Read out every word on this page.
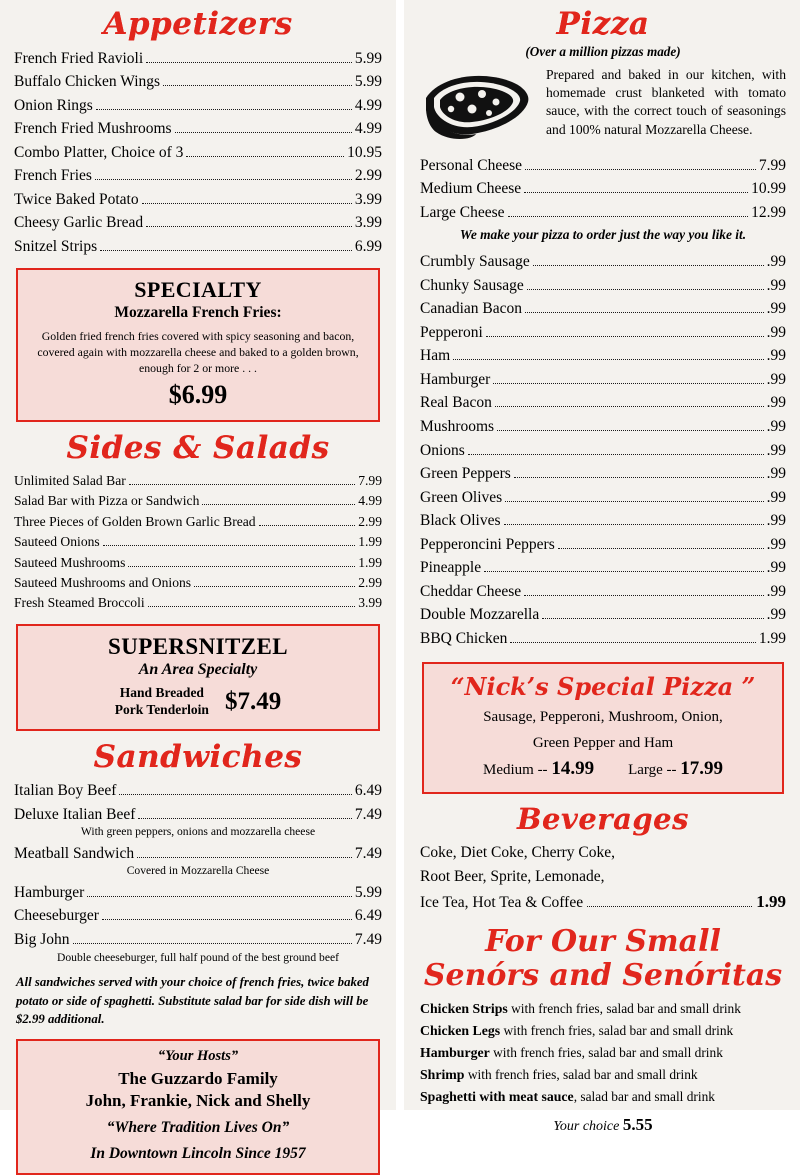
Appetizers
French Fried Ravioli	5.99
Buffalo Chicken Wings	5.99
Onion Rings	4.99
French Fried Mushrooms	4.99
Combo Platter, Choice of 3	10.95
French Fries	2.99
Twice Baked Potato	3.99
Cheesy Garlic Bread	3.99
Snitzel Strips	6.99
SPECIALTY
Mozzarella French Fries:
Golden fried french fries covered with spicy seasoning and bacon, covered again with mozzarella cheese and baked to a golden brown, enough for 2 or more . . .
$6.99
Sides & Salads
Unlimited Salad Bar	7.99
Salad Bar with Pizza or Sandwich	4.99
Three Pieces of Golden Brown Garlic Bread	2.99
Sauteed Onions	1.99
Sauteed Mushrooms	1.99
Sauteed Mushrooms and Onions	2.99
Fresh Steamed Broccoli	3.99
SUPERSNITZEL
An Area Specialty
Hand Breaded
Pork Tenderloin $7.49
Sandwiches
Italian Boy Beef	6.49
Deluxe Italian Beef	7.49
With green peppers, onions and mozzarella cheese
Meatball Sandwich	7.49
Covered in Mozzarella Cheese
Hamburger	5.99
Cheeseburger	6.49
Big John	7.49
Double cheeseburger, full half pound of the best ground beef
All sandwiches served with your choice of french fries, twice baked potato or side of spaghetti. Substitute salad bar for side dish will be $2.99 additional.
“Your Hosts”
The Guzzardo Family
John, Frankie, Nick and Shelly
“Where Tradition Lives On”
In Downtown Lincoln Since 1957
Pizza
(Over a million pizzas made)
Prepared and baked in our kitchen, with homemade crust blanketed with tomato sauce, with the correct touch of seasonings and 100% natural Mozzarella Cheese.
Personal Cheese	7.99
Medium Cheese	10.99
Large Cheese	12.99
We make your pizza to order just the way you like it.
Crumbly Sausage	.99
Chunky Sausage	.99
Canadian Bacon	.99
Pepperoni	.99
Ham	.99
Hamburger	.99
Real Bacon	.99
Mushrooms	.99
Onions	.99
Green Peppers	.99
Green Olives	.99
Black Olives	.99
Pepperoncini Peppers	.99
Pineapple	.99
Cheddar Cheese	.99
Double Mozzarella	.99
BBQ Chicken	1.99
“Nick’s Special Pizza ”
Sausage, Pepperoni, Mushroom, Onion,
Green Pepper and Ham
Medium -- 14.99 Large -- 17.99
Beverages
Coke, Diet Coke, Cherry Coke,
Root Beer, Sprite, Lemonade,
Ice Tea, Hot Tea & Coffee	1.99
For Our Small
Senórs and Senóritas
Chicken Strips with french fries, salad bar and small drink
Chicken Legs with french fries, salad bar and small drink
Hamburger with french fries, salad bar and small drink
Shrimp with french fries, salad bar and small drink
Spaghetti with meat sauce, salad bar and small drink
Your choice 5.55
